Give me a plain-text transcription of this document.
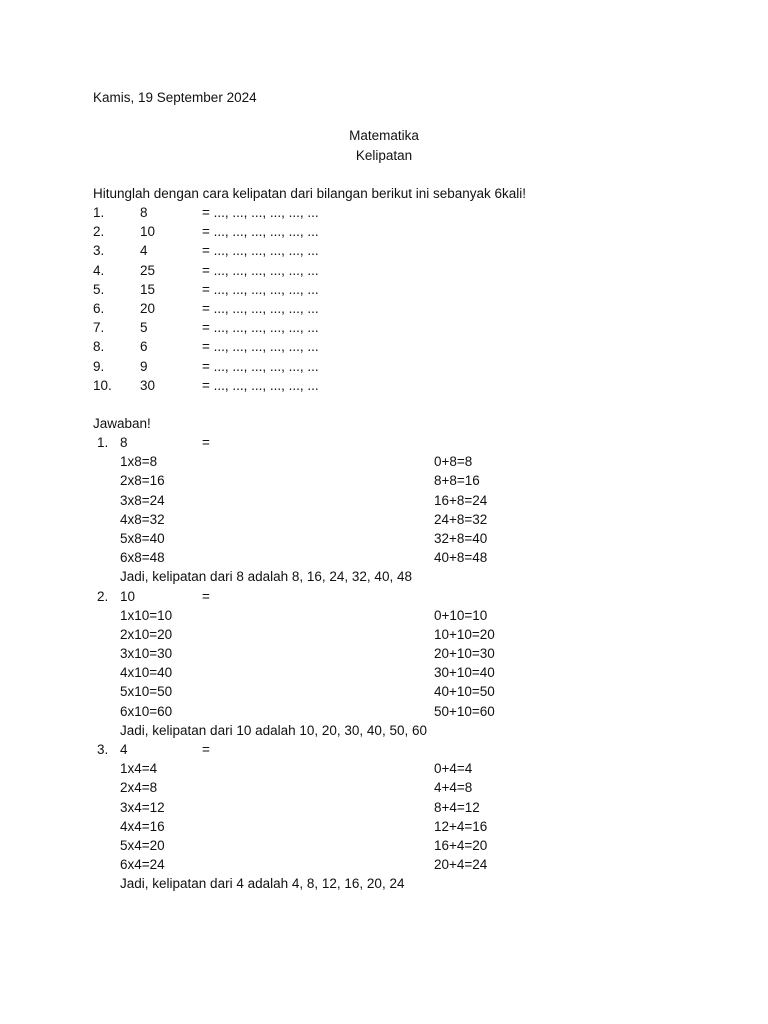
Kamis, 19 September 2024
Matematika
Kelipatan
Hitunglah dengan cara kelipatan dari bilangan berikut ini sebanyak 6kali!
1.	8	= ..., ..., ..., ..., ..., ...
2.	10	= ..., ..., ..., ..., ..., ...
3.	4	= ..., ..., ..., ..., ..., ...
4.	25	= ..., ..., ..., ..., ..., ...
5.	15	= ..., ..., ..., ..., ..., ...
6.	20	= ..., ..., ..., ..., ..., ...
7.	5	= ..., ..., ..., ..., ..., ...
8.	6	= ..., ..., ..., ..., ..., ...
9.	9	= ..., ..., ..., ..., ..., ...
10. 30	= ..., ..., ..., ..., ..., ...
Jawaban!
1. 8	=
1x8=8	0+8=8
2x8=16	8+8=16
3x8=24	16+8=24
4x8=32	24+8=32
5x8=40	32+8=40
6x8=48	40+8=48
Jadi, kelipatan dari 8 adalah 8, 16, 24, 32, 40, 48
2. 10	=
1x10=10	0+10=10
2x10=20	10+10=20
3x10=30	20+10=30
4x10=40	30+10=40
5x10=50	40+10=50
6x10=60	50+10=60
Jadi, kelipatan dari 10 adalah 10, 20, 30, 40, 50, 60
3. 4	=
1x4=4	0+4=4
2x4=8	4+4=8
3x4=12	8+4=12
4x4=16	12+4=16
5x4=20	16+4=20
6x4=24	20+4=24
Jadi, kelipatan dari 4 adalah 4, 8, 12, 16, 20, 24
